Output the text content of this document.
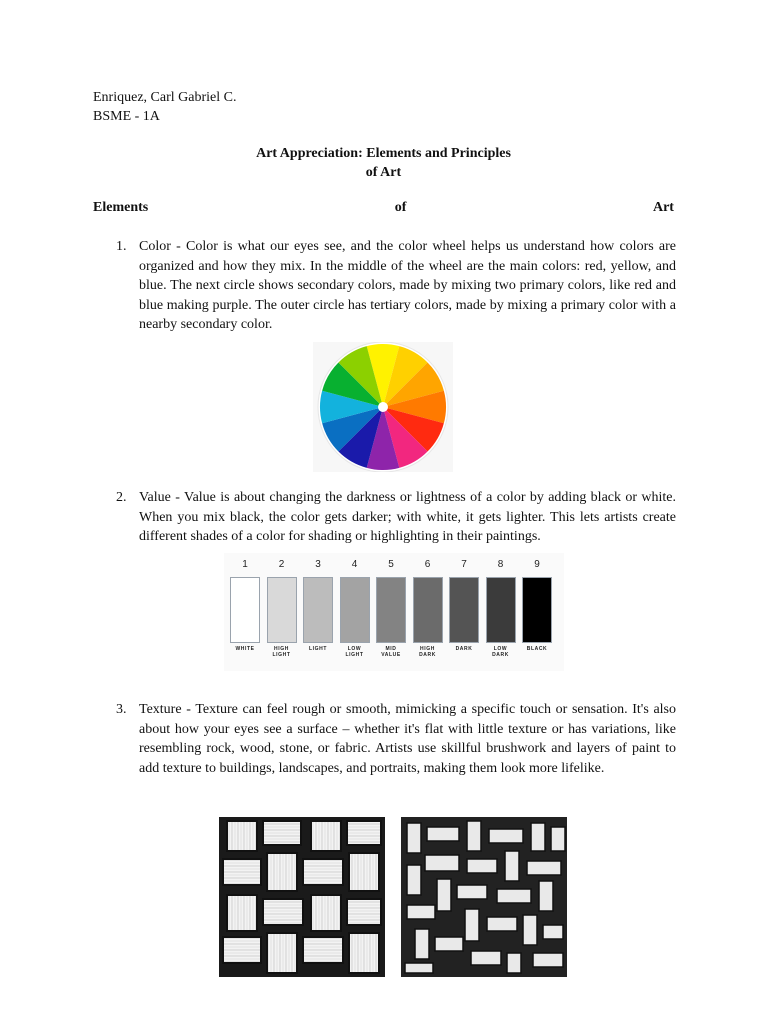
Enriquez, Carl Gabriel C.
BSME - 1A
Art Appreciation: Elements and Principles
of Art
Elements	of	Art
1. Color - Color is what our eyes see, and the color wheel helps us understand how colors are organized and how they mix. In the middle of the wheel are the main colors: red, yellow, and blue. The next circle shows secondary colors, made by mixing two primary colors, like red and blue making purple. The outer circle has tertiary colors, made by mixing a primary color with a nearby secondary color.
2. Value - Value is about changing the darkness or lightness of a color by adding black or white. When you mix black, the color gets darker; with white, it gets lighter. This lets artists create different shades of a color for shading or highlighting in their paintings.
1
WHITE
2
HIGH
LIGHT
3
LIGHT
4
LOW
LIGHT
5
MID
VALUE
6
HIGH
DARK
7
DARK
8
LOW
DARK
9
BLACK
3. Texture - Texture can feel rough or smooth, mimicking a specific touch or sensation. It's also about how your eyes see a surface – whether it's flat with little texture or has variations, like resembling rock, wood, stone, or fabric. Artists use skillful brushwork and layers of paint to add texture to buildings, landscapes, and portraits, making them look more lifelike.
